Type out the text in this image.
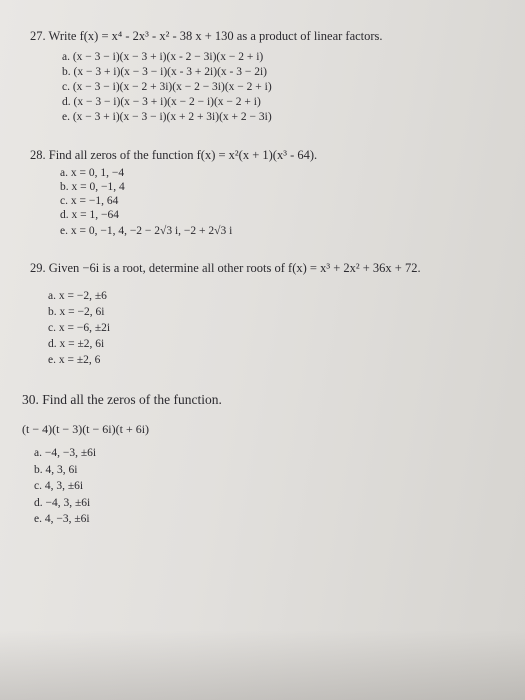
27. Write f(x) = x⁴ - 2x³ - x² - 38 x + 130 as a product of linear factors.
a. (x − 3 − i)(x − 3 + i)(x - 2 − 3i)(x − 2 + i)
b. (x − 3 + i)(x − 3 − i)(x - 3 + 2i)(x - 3 − 2i)
c. (x − 3 − i)(x − 2 + 3i)(x − 2 − 3i)(x − 2 + i)
d. (x − 3 − i)(x − 3 + i)(x − 2 − i)(x − 2 + i)
e. (x − 3 + i)(x − 3 − i)(x + 2 + 3i)(x + 2 − 3i)
28. Find all zeros of the function f(x) = x²(x + 1)(x³ - 64).
a. x = 0, 1, −4
b. x = 0, −1, 4
c. x = −1, 64
d. x = 1, −64
e. x = 0, −1, 4, −2 − 2√3 i, −2 + 2√3 i
29. Given −6i is a root, determine all other roots of f(x) = x³ + 2x² + 36x + 72.
a. x = −2, ±6
b. x = −2, 6i
c. x = −6, ±2i
d. x = ±2, 6i
e. x = ±2, 6
30. Find all the zeros of the function.
(t − 4)(t − 3)(t − 6i)(t + 6i)
a. −4, −3, ±6i
b. 4, 3, 6i
c. 4, 3, ±6i
d. −4, 3, ±6i
e. 4, −3, ±6i
